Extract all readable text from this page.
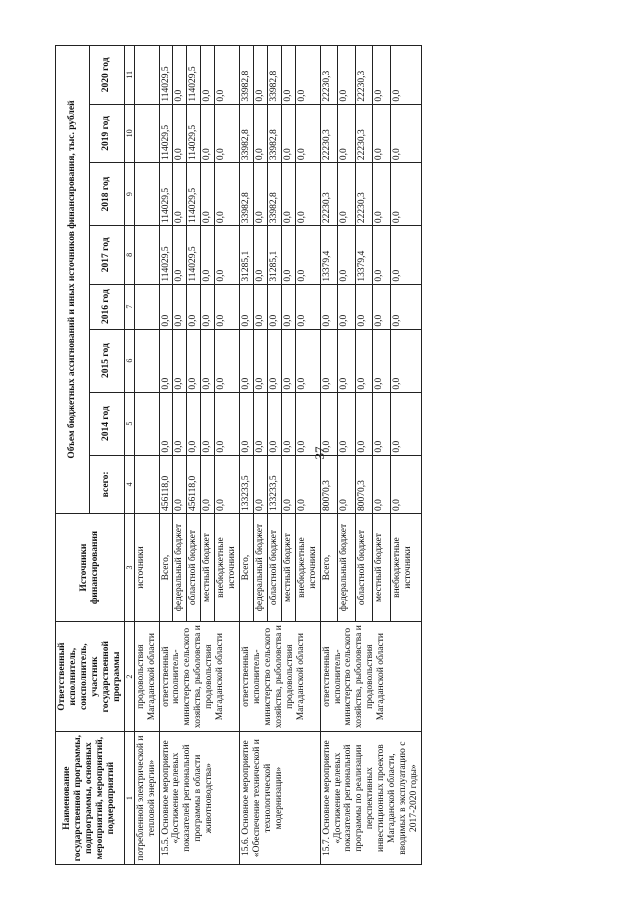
37
Наименование государственной программы, подпрограммы, основных мероприятий, мероприятий, подмероприятий	Ответственный исполнитель, соисполнитель, участник государственной программы	Источники финансирования	Объем бюджетных ассигнований и иных источников финансирования, тыс. рублей							
			всего:	2014 год	2015 год	2016 год	2017 год	2018 год	2019 год	2020 год
1	2	3	4	5	6	7	8	9	10	11
потребленной электрической и тепловой энергии»	продовольствия Магаданской области	источники								
15.5. Основное мероприятие «Достижение целевых показателей региональной программы в области животноводства»	ответственный исполнитель- министерство сельского хозяйства, рыболовства и продовольствия Магаданской области	Всего,	456118,0	0,0	0,0	0,0	114029,5	114029,5	114029,5	114029,5
		федеральный бюджет	0,0	0,0	0,0	0,0	0,0	0,0	0,0	0,0
		областной бюджет	456118,0	0,0	0,0	0,0	114029,5	114029,5	114029,5	114029,5
		местный бюджет	0,0	0,0	0,0	0,0	0,0	0,0	0,0	0,0
		внебюджетные источники	0,0	0,0	0,0	0,0	0,0	0,0	0,0	0,0
15.6. Основное мероприятие «Обеспечение технической и технологической модернизации»	ответственный исполнитель- министерство сельского хозяйства, рыболовства и продовольствия Магаданской области	Всего,	133233,5	0,0	0,0	0,0	31285,1	33982,8	33982,8	33982,8
		федеральный бюджет	0,0	0,0	0,0	0,0	0,0	0,0	0,0	0,0
		областной бюджет	133233,5	0,0	0,0	0,0	31285,1	33982,8	33982,8	33982,8
		местный бюджет	0,0	0,0	0,0	0,0	0,0	0,0	0,0	0,0
		внебюджетные источники	0,0	0,0	0,0	0,0	0,0	0,0	0,0	0,0
15.7. Основное мероприятие «Достижение целевых показателей региональной программы по реализации перспективных инвестиционных проектов Магаданской области, вводимых в эксплуатацию с 2017-2020 годы»	ответственный исполнитель- министерство сельского хозяйства, рыболовства и продовольствия Магаданской области	Всего,	80070,3	0,0	0,0	0,0	13379,4	22230,3	22230,3	22230,3
		федеральный бюджет	0,0	0,0	0,0	0,0	0,0	0,0	0,0	0,0
		областной бюджет	80070,3	0,0	0,0	0,0	13379,4	22230,3	22230,3	22230,3
		местный бюджет	0,0	0,0	0,0	0,0	0,0	0,0	0,0	0,0
		внебюджетные источники	0,0	0,0	0,0	0,0	0,0	0,0	0,0	0,0
